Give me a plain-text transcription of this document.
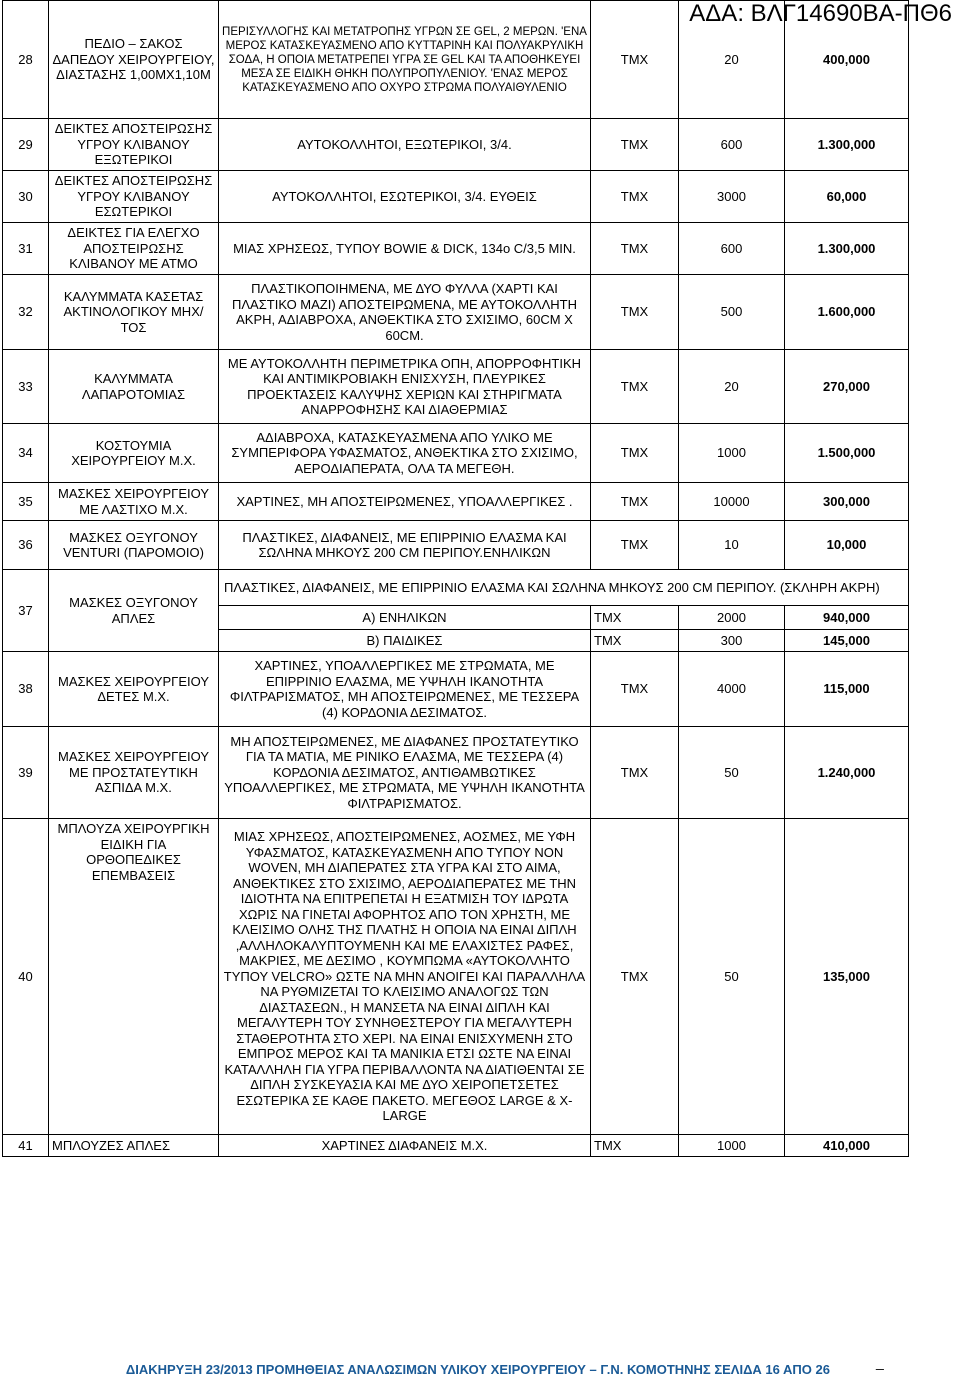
ΑΔΑ: ΒΛΓ14690ΒΑ-ΠΘ6
28	ΠΕΔΙΟ – ΣΑΚΟΣ ΔΑΠΕΔΟΥ ΧΕΙΡΟΥΡΓΕΙΟΥ, ΔΙΑΣΤΑΣΗΣ 1,00ΜΧ1,10Μ	ΠΕΡΙΣΥΛΛΟΓΗΣ ΚΑΙ ΜΕΤΑΤΡΟΠΗΣ ΥΓΡΩΝ ΣΕ GEL, 2 ΜΕΡΩΝ. 'ΕΝΑ ΜΕΡΟΣ ΚΑΤΑΣΚΕΥΑΣΜΕΝΟ ΑΠΟ ΚΥΤΤΑΡΙΝΗ ΚΑΙ ΠΟΛΥΑΚΡΥΛΙΚΗ ΣΟΔΑ, Η ΟΠΟΙΑ ΜΕΤΑΤΡΕΠΕΙ ΥΓΡΑ ΣΕ GEL ΚΑΙ ΤΑ ΑΠΟΘΗΚΕΥΕΙ ΜΕΣΑ ΣΕ ΕΙΔΙΚΗ ΘΗΚΗ ΠΟΛΥΠΡΟΠΥΛΕΝΙΟΥ. 'ΕΝΑΣ ΜΕΡΟΣ ΚΑΤΑΣΚΕΥΑΣΜΕΝΟ ΑΠΟ ΟΧΥΡΟ ΣΤΡΩΜΑ ΠΟΛΥΑΙΘΥΛΕΝΙΟ	ΤΜΧ	20	400,000
29	ΔΕΙΚΤΕΣ ΑΠΟΣΤΕΙΡΩΣΗΣ ΥΓΡΟΥ ΚΛΙΒΑΝΟΥ ΕΞΩΤΕΡΙΚΟΙ	ΑΥΤΟΚΟΛΛΗΤΟΙ, ΕΞΩΤΕΡΙΚΟΙ, 3/4.	ΤΜΧ	600	1.300,000
30	ΔΕΙΚΤΕΣ ΑΠΟΣΤΕΙΡΩΣΗΣ ΥΓΡΟΥ ΚΛΙΒΑΝΟΥ ΕΣΩΤΕΡΙΚΟΙ	ΑΥΤΟΚΟΛΛΗΤΟΙ, ΕΣΩΤΕΡΙΚΟΙ, 3/4. ΕΥΘΕΙΣ	ΤΜΧ	3000	60,000
31	ΔΕΙΚΤΕΣ ΓΙΑ ΕΛΕΓΧΟ ΑΠΟΣΤΕΙΡΩΣΗΣ ΚΛΙΒΑΝΟΥ ΜΕ ΑΤΜΟ	ΜΙΑΣ ΧΡΗΣΕΩΣ, ΤΥΠΟΥ BOWIE & DICK, 134ο C/3,5 MIN.	ΤΜΧ	600	1.300,000
32	ΚΑΛΥΜΜΑΤΑ ΚΑΣΕΤΑΣ ΑΚΤΙΝΟΛΟΓΙΚΟΥ ΜΗΧ/ΤΟΣ	ΠΛΑΣΤΙΚΟΠΟΙΗΜΕΝΑ, ΜΕ ΔΥΟ ΦΥΛΛΑ (ΧΑΡΤΙ ΚΑΙ ΠΛΑΣΤΙΚΟ ΜΑΖΙ) ΑΠΟΣΤΕΙΡΩΜΕΝΑ, ΜΕ ΑΥΤΟΚΟΛΛΗΤΗ ΑΚΡΗ, ΑΔΙΑΒΡΟΧΑ, ΑΝΘΕΚΤΙΚΑ ΣΤΟ ΣΧΙΣΙΜΟ, 60CM X 60CM.	ΤΜΧ	500	1.600,000
33	ΚΑΛΥΜΜΑΤΑ ΛΑΠΑΡΟΤΟΜΙΑΣ	ΜΕ ΑΥΤΟΚΟΛΛΗΤΗ ΠΕΡΙΜΕΤΡΙΚΑ ΟΠΗ, ΑΠΟΡΡΟΦΗΤΙΚΗ ΚΑΙ ΑΝΤΙΜΙΚΡΟΒΙΑΚΗ ΕΝΙΣΧΥΣΗ, ΠΛΕΥΡΙΚΕΣ ΠΡΟΕΚΤΑΣΕΙΣ ΚΑΛΥΨΗΣ ΧΕΡΙΩΝ ΚΑΙ ΣΤΗΡΙΓΜΑΤΑ ΑΝΑΡΡΟΦΗΣΗΣ ΚΑΙ ΔΙΑΘΕΡΜΙΑΣ	ΤΜΧ	20	270,000
34	ΚΟΣΤΟΥΜΙΑ ΧΕΙΡΟΥΡΓΕΙΟΥ Μ.Χ.	ΑΔΙΑΒΡΟΧΑ, ΚΑΤΑΣΚΕΥΑΣΜΕΝΑ ΑΠΟ ΥΛΙΚΟ ΜΕ ΣΥΜΠΕΡΙΦΟΡΑ ΥΦΑΣΜΑΤΟΣ, ΑΝΘΕΚΤΙΚΑ ΣΤΟ ΣΧΙΣΙΜΟ, ΑΕΡΟΔΙΑΠΕΡΑΤΑ, ΟΛΑ ΤΑ ΜΕΓΕΘΗ.	ΤΜΧ	1000	1.500,000
35	ΜΑΣΚΕΣ ΧΕΙΡΟΥΡΓΕΙΟΥ ΜΕ ΛΑΣΤΙΧΟ Μ.Χ.	ΧΑΡΤΙΝΕΣ, ΜΗ ΑΠΟΣΤΕΙΡΩΜΕΝΕΣ, ΥΠΟΑΛΛΕΡΓΙΚΕΣ .	ΤΜΧ	10000	300,000
36	ΜΑΣΚΕΣ ΟΞΥΓΟΝΟΥ VENTURI (ΠΑΡΟΜΟΙΟ)	ΠΛΑΣΤΙΚΕΣ, ΔΙΑΦΑΝΕΙΣ, ΜΕ ΕΠΙΡΡΙΝΙΟ ΕΛΑΣΜΑ ΚΑΙ ΣΩΛΗΝΑ ΜΗΚΟΥΣ 200 CM ΠΕΡΙΠΟΥ.ΕΝΗΛΙΚΩΝ	ΤΜΧ	10	10,000
37	ΜΑΣΚΕΣ ΟΞΥΓΟΝΟΥ ΑΠΛΕΣ	ΠΛΑΣΤΙΚΕΣ, ΔΙΑΦΑΝΕΙΣ, ΜΕ ΕΠΙΡΡΙΝΙΟ ΕΛΑΣΜΑ ΚΑΙ ΣΩΛΗΝΑ ΜΗΚΟΥΣ 200 CM ΠΕΡΙΠΟΥ. (ΣΚΛΗΡΗ ΑΚΡΗ)			
		Α) ΕΝΗΛΙΚΩΝ	ΤΜΧ	2000	940,000
		Β) ΠΑΙΔΙΚΕΣ	ΤΜΧ	300	145,000
38	ΜΑΣΚΕΣ ΧΕΙΡΟΥΡΓΕΙΟΥ ΔΕΤΕΣ Μ.Χ.	ΧΑΡΤΙΝΕΣ, ΥΠΟΑΛΛΕΡΓΙΚΕΣ ΜΕ ΣΤΡΩΜΑΤΑ, ΜΕ ΕΠΙΡΡΙΝΙΟ ΕΛΑΣΜΑ, ΜΕ ΥΨΗΛΗ ΙΚΑΝΟΤΗΤΑ ΦΙΛΤΡΑΡΙΣΜΑΤΟΣ, ΜΗ ΑΠΟΣΤΕΙΡΩΜΕΝΕΣ, ΜΕ ΤΕΣΣΕΡΑ (4) ΚΟΡΔΟΝΙΑ ΔΕΣΙΜΑΤΟΣ.	ΤΜΧ	4000	115,000
39	ΜΑΣΚΕΣ ΧΕΙΡΟΥΡΓΕΙΟΥ ΜΕ ΠΡΟΣΤΑΤΕΥΤΙΚΗ ΑΣΠΙΔΑ Μ.Χ.	ΜΗ ΑΠΟΣΤΕΙΡΩΜΕΝΕΣ, ΜΕ ΔΙΑΦΑΝΕΣ ΠΡΟΣΤΑΤΕΥΤΙΚΟ ΓΙΑ ΤΑ ΜΑΤΙΑ, ΜΕ ΡΙΝΙΚΟ ΕΛΑΣΜΑ, ΜΕ ΤΕΣΣΕΡΑ (4) ΚΟΡΔΟΝΙΑ ΔΕΣΙΜΑΤΟΣ, ΑΝΤΙΘΑΜΒΩΤΙΚΕΣ ΥΠΟΑΛΛΕΡΓΙΚΕΣ, ΜΕ ΣΤΡΩΜΑΤΑ, ΜΕ ΥΨΗΛΗ ΙΚΑΝΟΤΗΤΑ ΦΙΛΤΡΑΡΙΣΜΑΤΟΣ.	ΤΜΧ	50	1.240,000
40	ΜΠΛΟΥΖΑ ΧΕΙΡΟΥΡΓΙΚΗ ΕΙΔΙΚΗ ΓΙΑ ΟΡΘΟΠΕΔΙΚΕΣ ΕΠΕΜΒΑΣΕΙΣ	ΜΙΑΣ ΧΡΗΣΕΩΣ, ΑΠΟΣΤΕΙΡΩΜΕΝΕΣ, ΑΟΣΜΕΣ, ΜΕ ΥΦΗ ΥΦΑΣΜΑΤΟΣ, ΚΑΤΑΣΚΕΥΑΣΜΕΝΗ ΑΠΟ ΤΥΠΟΥ NON WOVEN, ΜΗ ΔΙΑΠΕΡΑΤΕΣ ΣΤΑ ΥΓΡΑ ΚΑΙ ΣΤΟ ΑΙΜΑ, ΑΝΘΕΚΤΙΚΕΣ ΣΤΟ ΣΧΙΣΙΜΟ, ΑΕΡΟΔΙΑΠΕΡΑΤΕΣ ΜΕ ΤΗΝ ΙΔΙΟΤΗΤΑ ΝΑ ΕΠΙΤΡΕΠΕΤΑΙ Η ΕΞΑΤΜΙΣΗ ΤΟΥ ΙΔΡΩΤΑ ΧΩΡΙΣ ΝΑ ΓΙΝΕΤΑΙ ΑΦΟΡΗΤΟΣ ΑΠΟ ΤΟΝ ΧΡΗΣΤΗ, ΜΕ ΚΛΕΙΣΙΜΟ ΟΛΗΣ ΤΗΣ ΠΛΑΤΗΣ Η ΟΠΟΙΑ ΝΑ ΕΙΝΑΙ ΔΙΠΛΗ ,ΑΛΛΗΛΟΚΑΛΥΠΤΟΥΜΕΝΗ ΚΑΙ ΜΕ ΕΛΑΧΙΣΤΕΣ ΡΑΦΕΣ, ΜΑΚΡΙΕΣ, ΜΕ ΔΕΣΙΜΟ , ΚΟΥΜΠΩΜΑ «ΑΥΤΟΚΟΛΛΗΤΟ ΤΥΠΟΥ VELCRO» ΩΣΤΕ ΝΑ ΜΗΝ ΑΝΟΙΓΕΙ ΚΑΙ ΠΑΡΑΛΛΗΛΑ ΝΑ ΡΥΘΜΙΖΕΤΑΙ ΤΟ ΚΛΕΙΣΙΜΟ ΑΝΑΛΟΓΩΣ ΤΩΝ ΔΙΑΣΤΑΣΕΩΝ., Η ΜΑΝΣΕΤΑ ΝΑ ΕΙΝΑΙ ΔΙΠΛΗ ΚΑΙ ΜΕΓΑΛΥΤΕΡΗ ΤΟΥ ΣΥΝΗΘΕΣΤΕΡΟΥ ΓΙΑ ΜΕΓΑΛΥΤΕΡΗ ΣΤΑΘΕΡΟΤΗΤΑ ΣΤΟ ΧΕΡΙ. ΝΑ ΕΙΝΑΙ ΕΝΙΣΧΥΜΕΝΗ ΣΤΟ ΕΜΠΡΟΣ ΜΕΡΟΣ ΚΑΙ ΤΑ ΜΑΝΙΚΙΑ ΕΤΣΙ ΩΣΤΕ ΝΑ ΕΙΝΑΙ ΚΑΤΑΛΛΗΛΗ ΓΙΑ ΥΓΡΑ ΠΕΡΙΒΑΛΛΟΝΤΑ ΝΑ ΔΙΑΤΙΘΕΝΤΑΙ ΣΕ ΔΙΠΛΗ ΣΥΣΚΕΥΑΣΙΑ ΚΑΙ ΜΕ ΔΥΟ ΧΕΙΡΟΠΕΤΣΕΤΕΣ ΕΣΩΤΕΡΙΚΑ ΣΕ ΚΑΘΕ ΠΑΚΕΤΟ. ΜΕΓΕΘΟΣ LARGE & X-LARGE	ΤΜΧ	50	135,000
41	ΜΠΛΟΥΖΕΣ ΑΠΛΕΣ	ΧΑΡΤΙΝΕΣ ΔΙΑΦΑΝΕΙΣ Μ.Χ.	ΤΜΧ	1000	410,000
_
ΔΙΑΚΗΡΥΞΗ 23/2013 ΠΡΟΜΗΘΕΙΑΣ ΑΝΑΛΩΣΙΜΩΝ ΥΛΙΚΟΥ ΧΕΙΡΟΥΡΓΕΙΟΥ – Γ.Ν. ΚΟΜΟΤΗΝΗΣ ΣΕΛΙΔΑ 16 ΑΠΟ 26
